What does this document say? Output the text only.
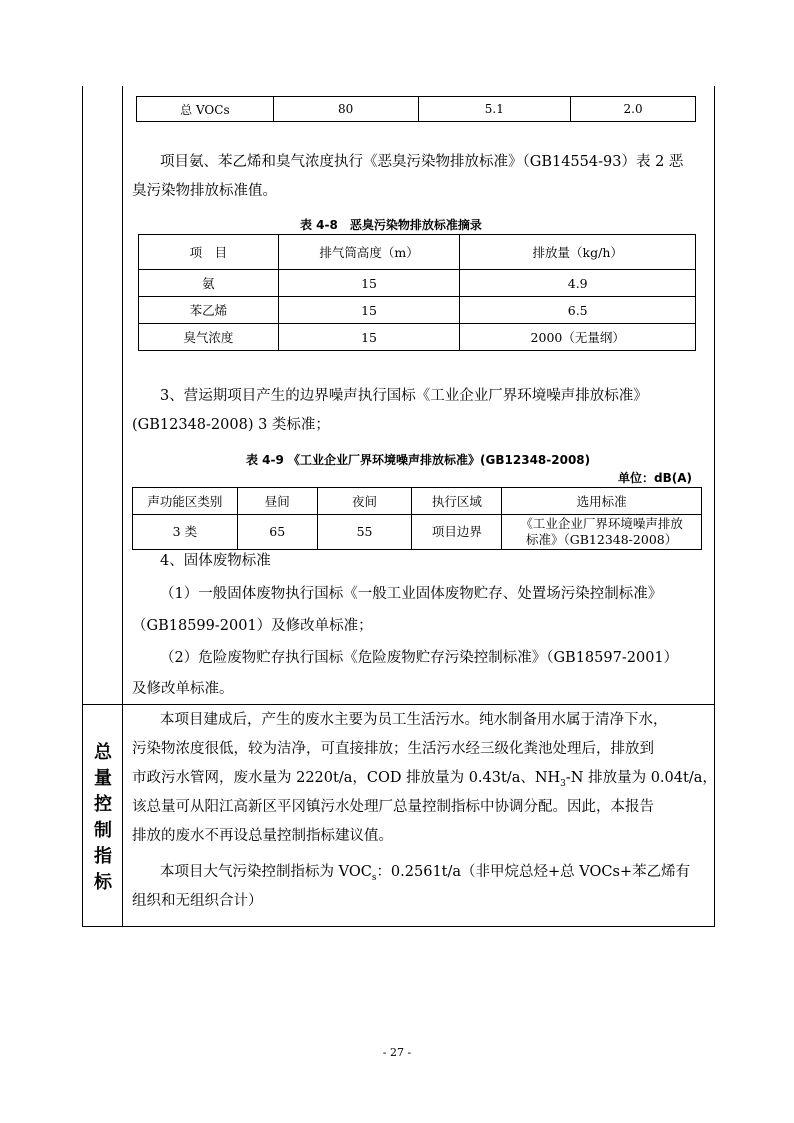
总 VOCs	80	5.1	2.0
项目氨、苯乙烯和臭气浓度执行《恶臭污染物排放标准》（GB14554-93）表 2 恶
臭污染物排放标准值。
表 4-8　恶臭污染物排放标准摘录
项　目	排气筒高度（m）	排放量（kg/h）
氨	15	4.9
苯乙烯	15	6.5
臭气浓度	15	2000（无量纲）
3、营运期项目产生的边界噪声执行国标《工业企业厂界环境噪声排放标准》
(GB12348-2008) 3 类标准；
表 4-9 《工业企业厂界环境噪声排放标准》(GB12348-2008)
单位：dB(A)
声功能区类别	昼间	夜间	执行区域	选用标准
3 类	65	55	项目边界	《工业企业厂界环境噪声排放
标准》（GB12348-2008）
4、固体废物标准
（1）一般固体废物执行国标《一般工业固体废物贮存、处置场污染控制标准》
（GB18599-2001）及修改单标准；
（2）危险废物贮存执行国标《危险废物贮存污染控制标准》（GB18597-2001）
及修改单标准。
总
量
控
制
指
标
本项目建成后，产生的废水主要为员工生活污水。纯水制备用水属于清净下水，
污染物浓度很低，较为洁净，可直接排放；生活污水经三级化粪池处理后，排放到
市政污水管网，废水量为 2220t/a，COD 排放量为 0.43t/a、$NH_3-N$ 排放量为 0.04t/a，
该总量可从阳江高新区平冈镇污水处理厂总量控制指标中协调分配。因此，本报告
排放的废水不再设总量控制指标建议值。
本项目大气污染控制指标为 $VOC_s$：0.2561t/a（非甲烷总烃+总 VOCs+苯乙烯有
组织和无组织合计）
- 27 -
